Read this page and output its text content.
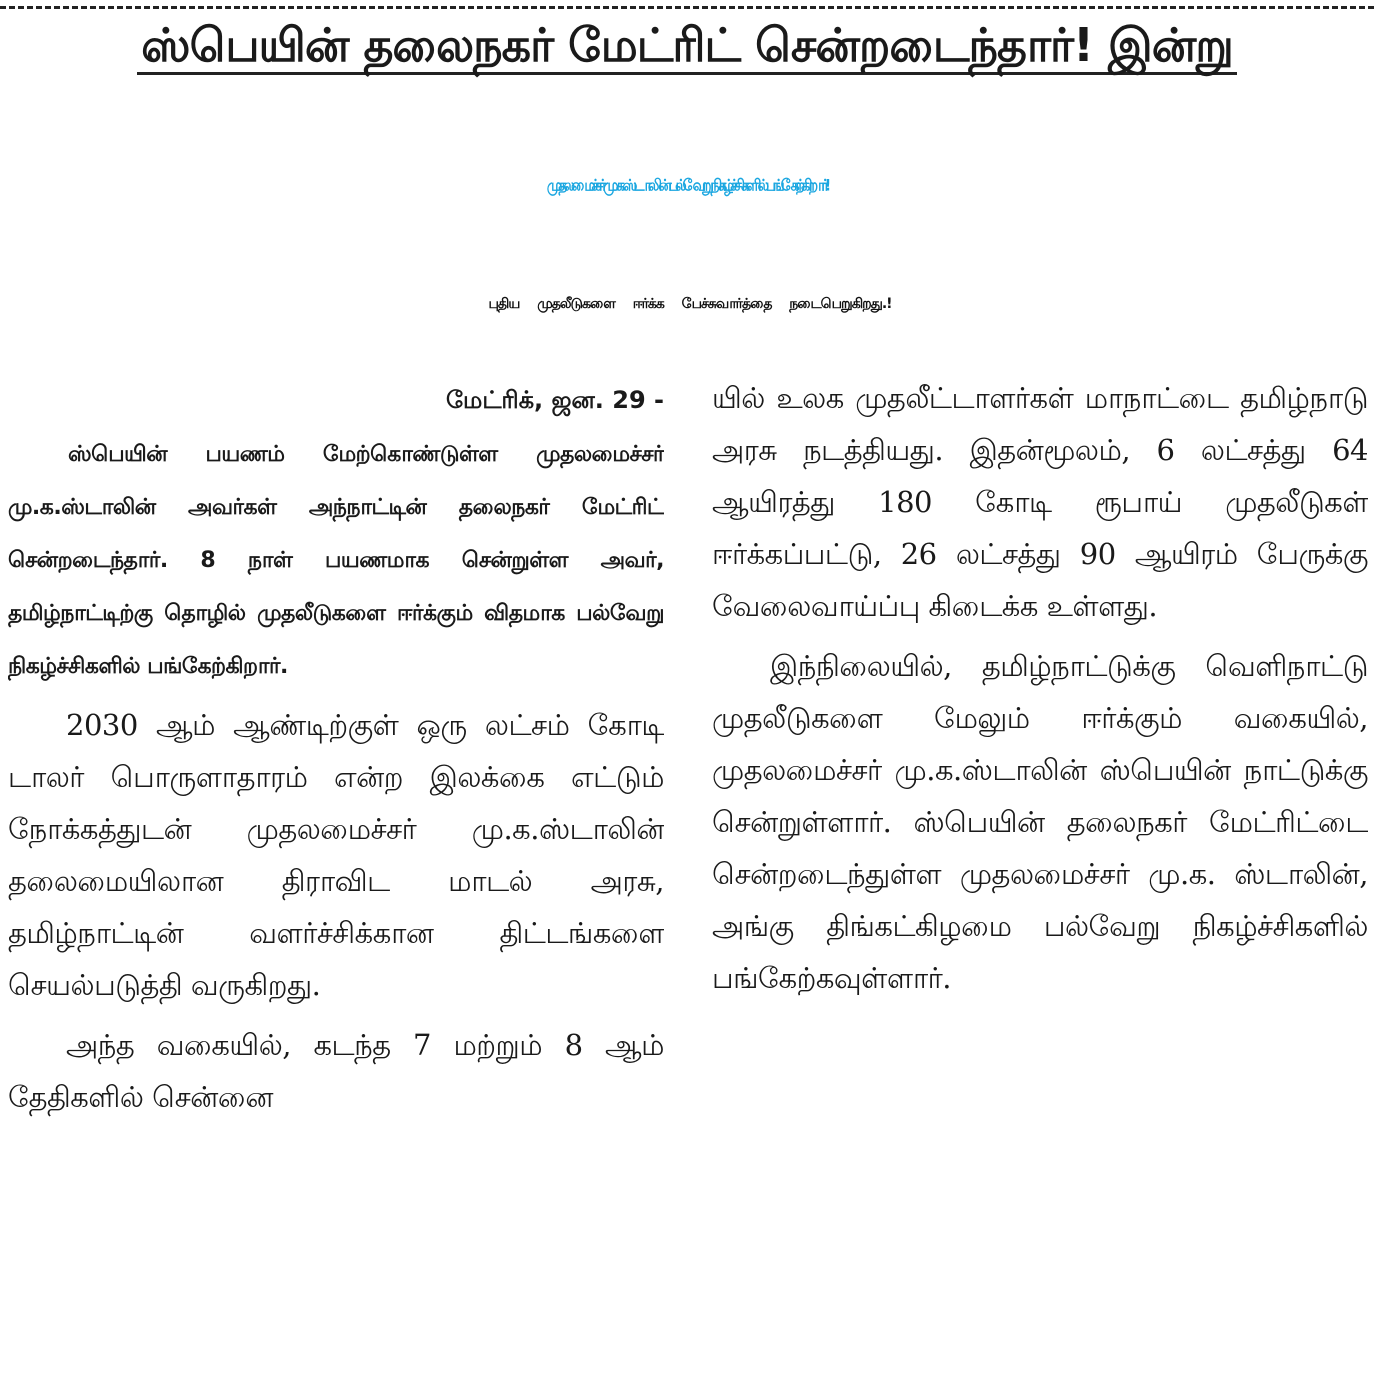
ஸ்பெயின் தலைநகர் மேட்ரிட் சென்றடைந்தார்! இன்று
முதலமைச்சர் மு.க.ஸ்டாலின் பல்வேறு நிகழ்ச்சிகளில் பங்கேற்கிறார்!
புதிய முதலீடுகளை ஈர்க்க பேச்சுவார்த்தை நடைபெறுகிறது.!

மேட்ரிக், ஜன. 29 -

ஸ்பெயின் பயணம் மேற்கொண்டுள்ள முதலமைச்சர் மு.க.ஸ்டாலின் அவர்கள் அந்நாட்டின் தலைநகர் மேட்ரிட் சென்றடைந்தார். 8 நாள் பயணமாக சென்றுள்ள அவர், தமிழ்நாட்டிற்கு தொழில் முதலீடுகளை ஈர்க்கும் விதமாக பல்வேறு நிகழ்ச்சிகளில் பங்கேற்கிறார்.

2030 ஆம் ஆண்டிற்குள் ஒரு லட்சம் கோடி டாலர் பொருளாதாரம் என்ற இலக்கை எட்டும் நோக்கத்துடன் முதலமைச்சர் மு.க.ஸ்டாலின் தலைமையிலான திராவிட மாடல் அரசு, தமிழ்நாட்டின் வளர்ச்சிக்கான திட்டங்களை செயல்படுத்தி வருகிறது.

அந்த வகையில், கடந்த 7 மற்றும் 8 ஆம் தேதிகளில் சென்னை

யில் உலக முதலீட்டாளர்கள் மாநாட்டை தமிழ்நாடு அரசு நடத்தியது. இதன்மூலம், 6 லட்சத்து 64 ஆயிரத்து 180 கோடி ரூபாய் முதலீடுகள் ஈர்க்கப்பட்டு, 26 லட்சத்து 90 ஆயிரம் பேருக்கு வேலைவாய்ப்பு கிடைக்க உள்ளது.

இந்நிலையில், தமிழ்நாட்டுக்கு வெளிநாட்டு முதலீடுகளை மேலும் ஈர்க்கும் வகையில், முதலமைச்சர் மு.க.ஸ்டாலின் ஸ்பெயின் நாட்டுக்கு சென்றுள்ளார். ஸ்பெயின் தலைநகர் மேட்ரிட்டை சென்றடைந்துள்ள முதலமைச்சர் மு.க. ஸ்டாலின், அங்கு திங்கட்கிழமை பல்வேறு நிகழ்ச்சிகளில் பங்கேற்கவுள்ளார்.
